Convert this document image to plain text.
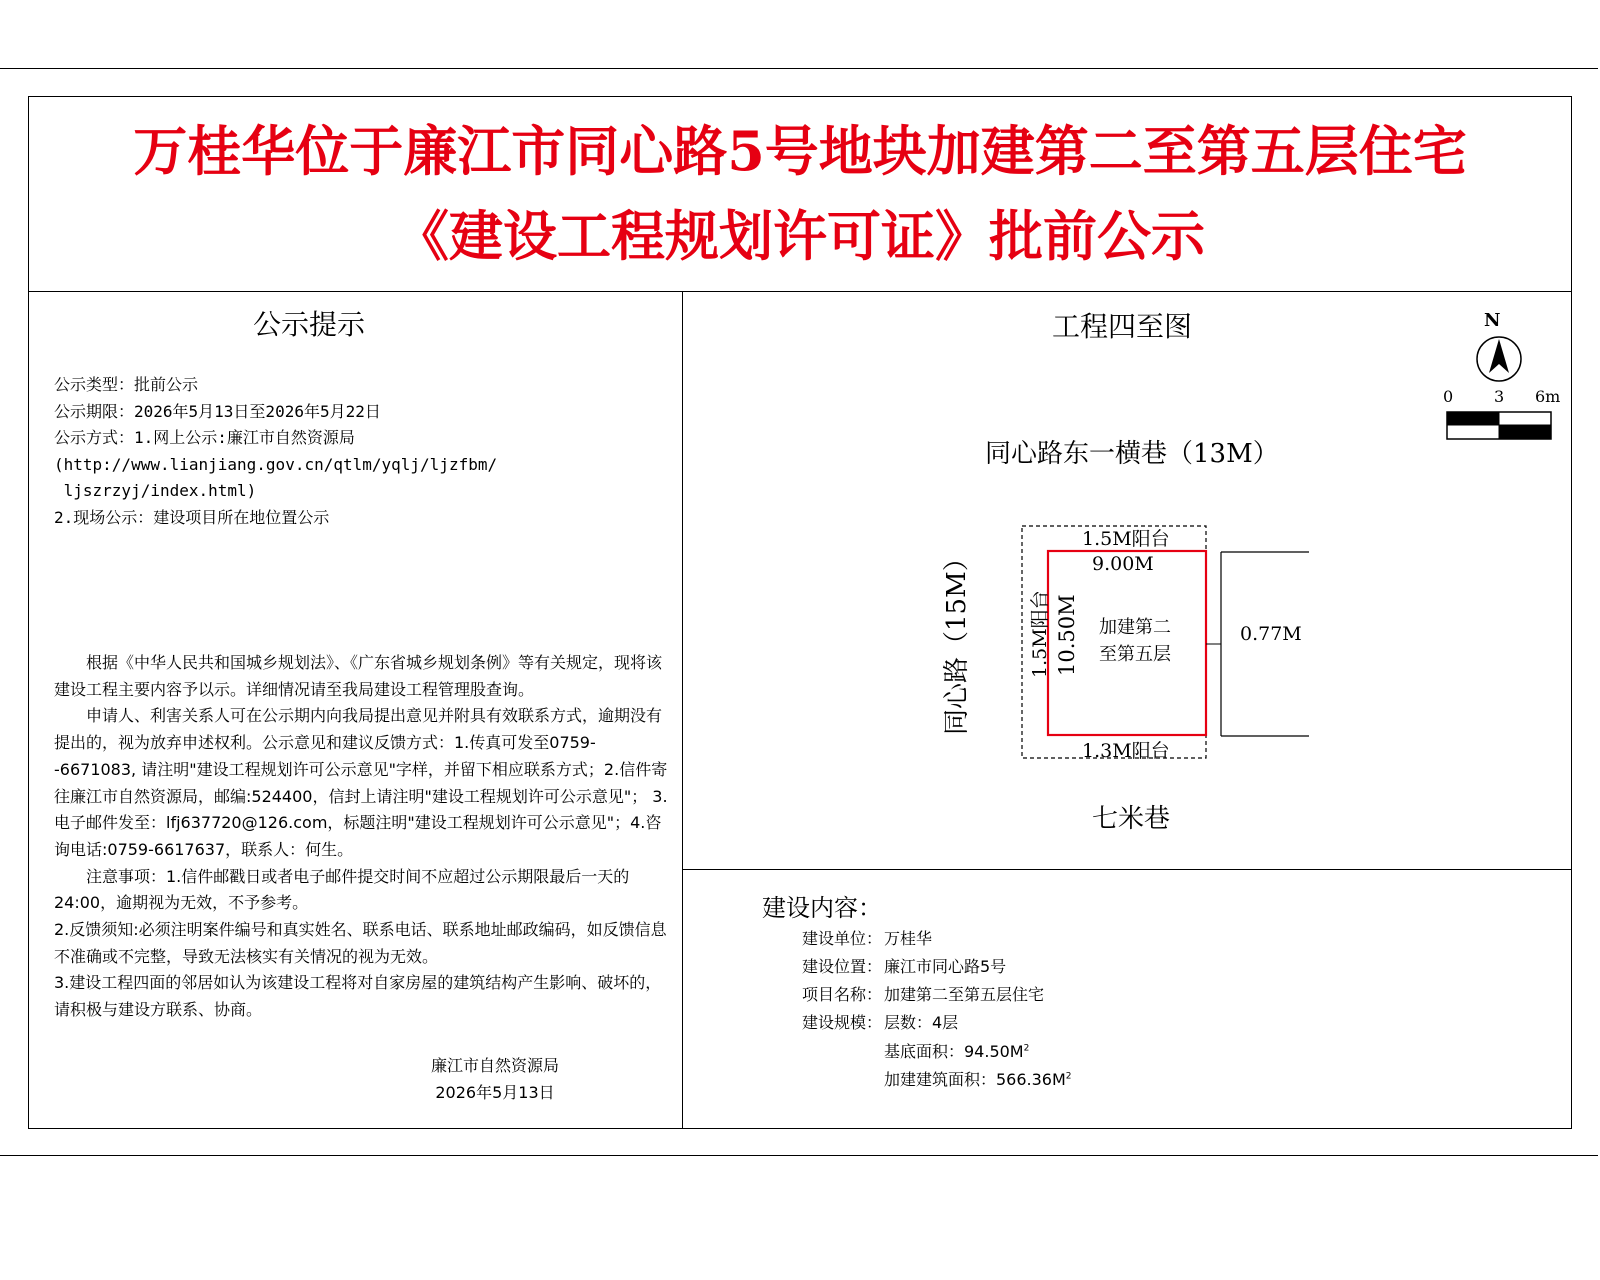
万桂华位于廉江市同心路5号地块加建第二至第五层住宅
《建设工程规划许可证》批前公示
公示提示
公示类型：批前公示
公示期限：2026年5月13日至2026年5月22日
公示方式：1.网上公示:廉江市自然资源局
(http://www.lianjiang.gov.cn/qtlm/yqlj/ljzfbm/
ljszrzyj/index.html)
2.现场公示：建设项目所在地位置公示

根据《中华人民共和国城乡规划法》、《广东省城乡规划条例》等有关规定，现将该建设工程主要内容予以示。详细情况请至我局建设工程管理股查询。

申请人、利害关系人可在公示期内向我局提出意见并附具有效联系方式，逾期没有提出的，视为放弃申述权利。公示意见和建议反馈方式：1.传真可发至0759--6671083, 请注明"建设工程规划许可公示意见"字样，并留下相应联系方式；2.信件寄往廉江市自然资源局，邮编:524400，信封上请注明"建设工程规划许可公示意见"； 3.电子邮件发至：lfj637720@126.com，标题注明"建设工程规划许可公示意见"；4.咨询电话:0759-6617637，联系人：何生。

注意事项：1.信件邮戳日或者电子邮件提交时间不应超过公示期限最后一天的24:00，逾期视为无效，不予参考。

2.反馈须知:必须注明案件编号和真实姓名、联系电话、联系地址邮政编码，如反馈信息不准确或不完整，导致无法核实有关情况的视为无效。

3.建设工程四面的邻居如认为该建设工程将对自家房屋的建筑结构产生影响、破坏的，请积极与建设方联系、协商。

廉江市自然资源局
2026年5月13日
工程四至图	N
0	3 6m
同心路东一横巷（13M）
同心路（15M）
七米巷
1.5M阳台
9.00M
1.5M阳台 10.50M
1.3M阳台
0.77M
加建第二
至第五层
建设内容：
建设单位： 万桂华
建设位置： 廉江市同心路5号
项目名称： 加建第二至第五层住宅
建设规模： 层数：4层
基底面积：$94.50M^2$
加建建筑面积：$566.36M^2$
